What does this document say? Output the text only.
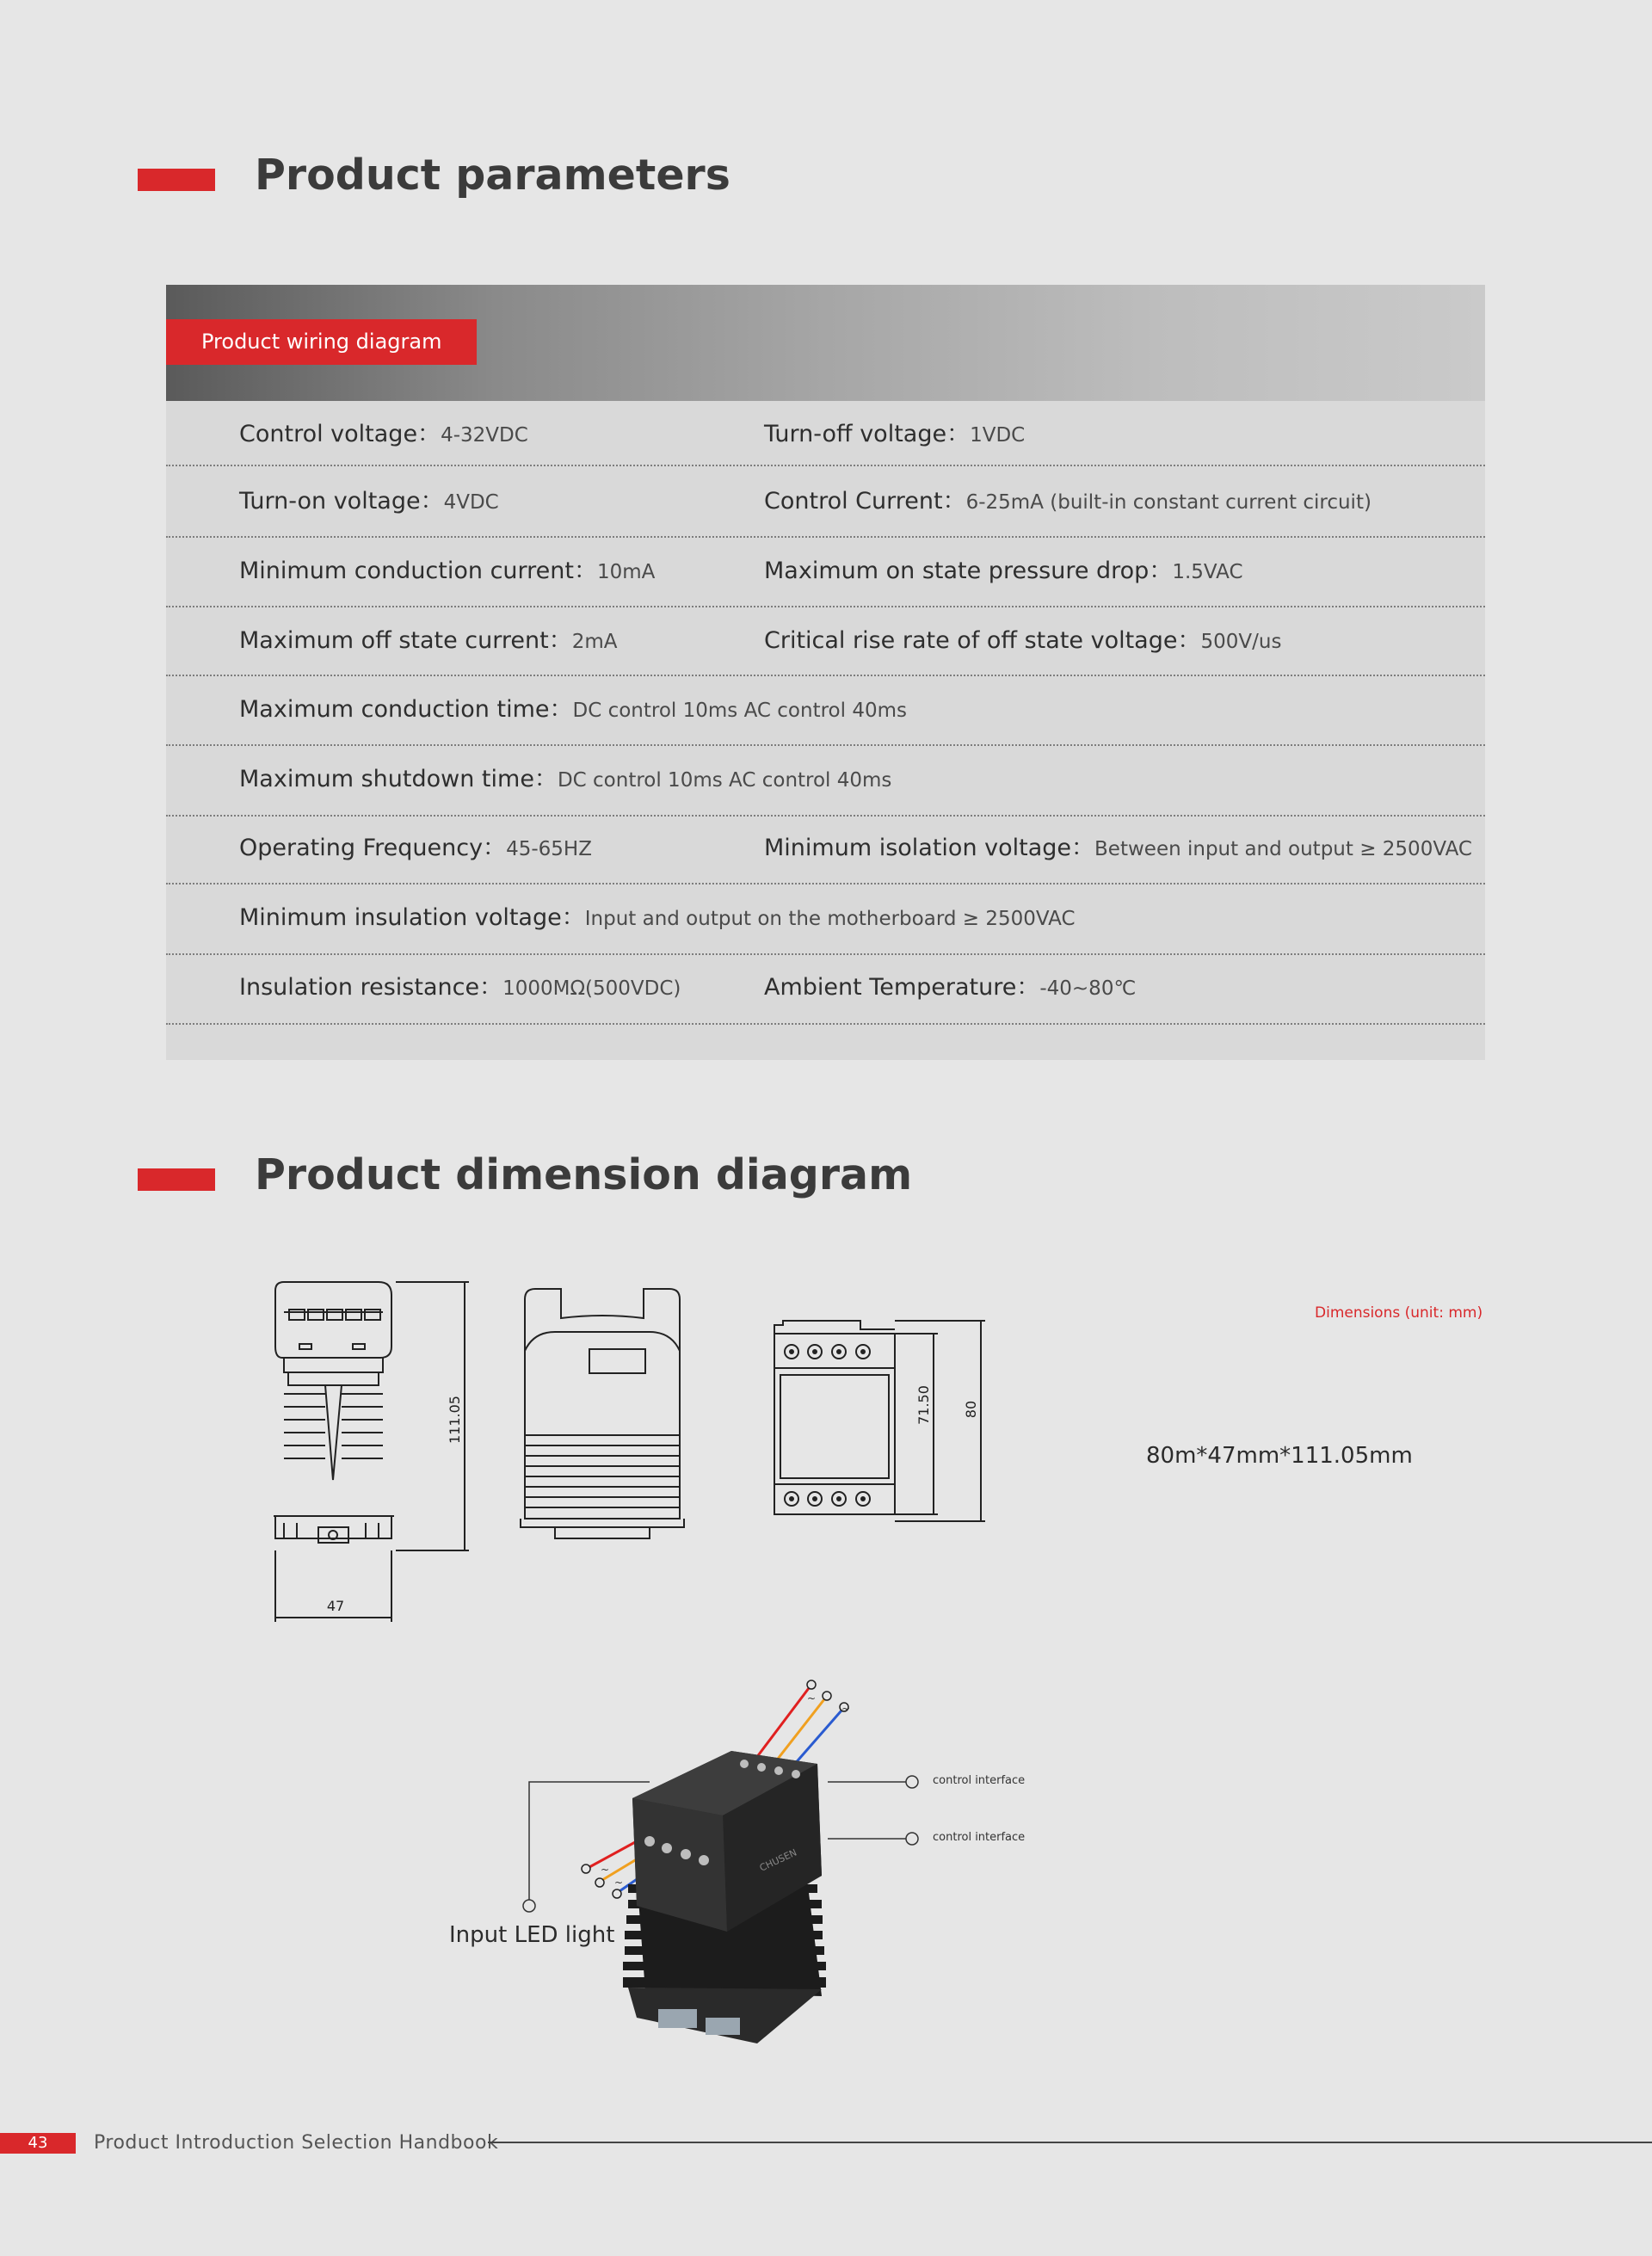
Product parameters
Product wiring diagram
Control voltage：4-32VDC	Turn-off voltage：1VDC
Turn-on voltage：4VDC	Control Current：6-25mA (built-in constant current circuit)
Minimum conduction current：10mA	Maximum on state pressure drop：1.5VAC
Maximum off state current：2mA	Critical rise rate of off state voltage：500V/us
Maximum conduction time：DC control 10ms AC control 40ms
Maximum shutdown time：DC control 10ms AC control 40ms
Operating Frequency：45-65HZ	Minimum isolation voltage：Between input and output ≥ 2500VAC
Minimum insulation voltage：Input and output on the motherboard ≥ 2500VAC
Insulation resistance：1000MΩ(500VDC)	Ambient Temperature：-40~80℃
Product dimension diagram
111.05
47
71.50 80
Dimensions (unit: mm)
80m*47mm*111.05mm
CHUSEN
~
~
~
~
control interface
control interface
Input LED light
43	Product Introduction Selection Handbook
